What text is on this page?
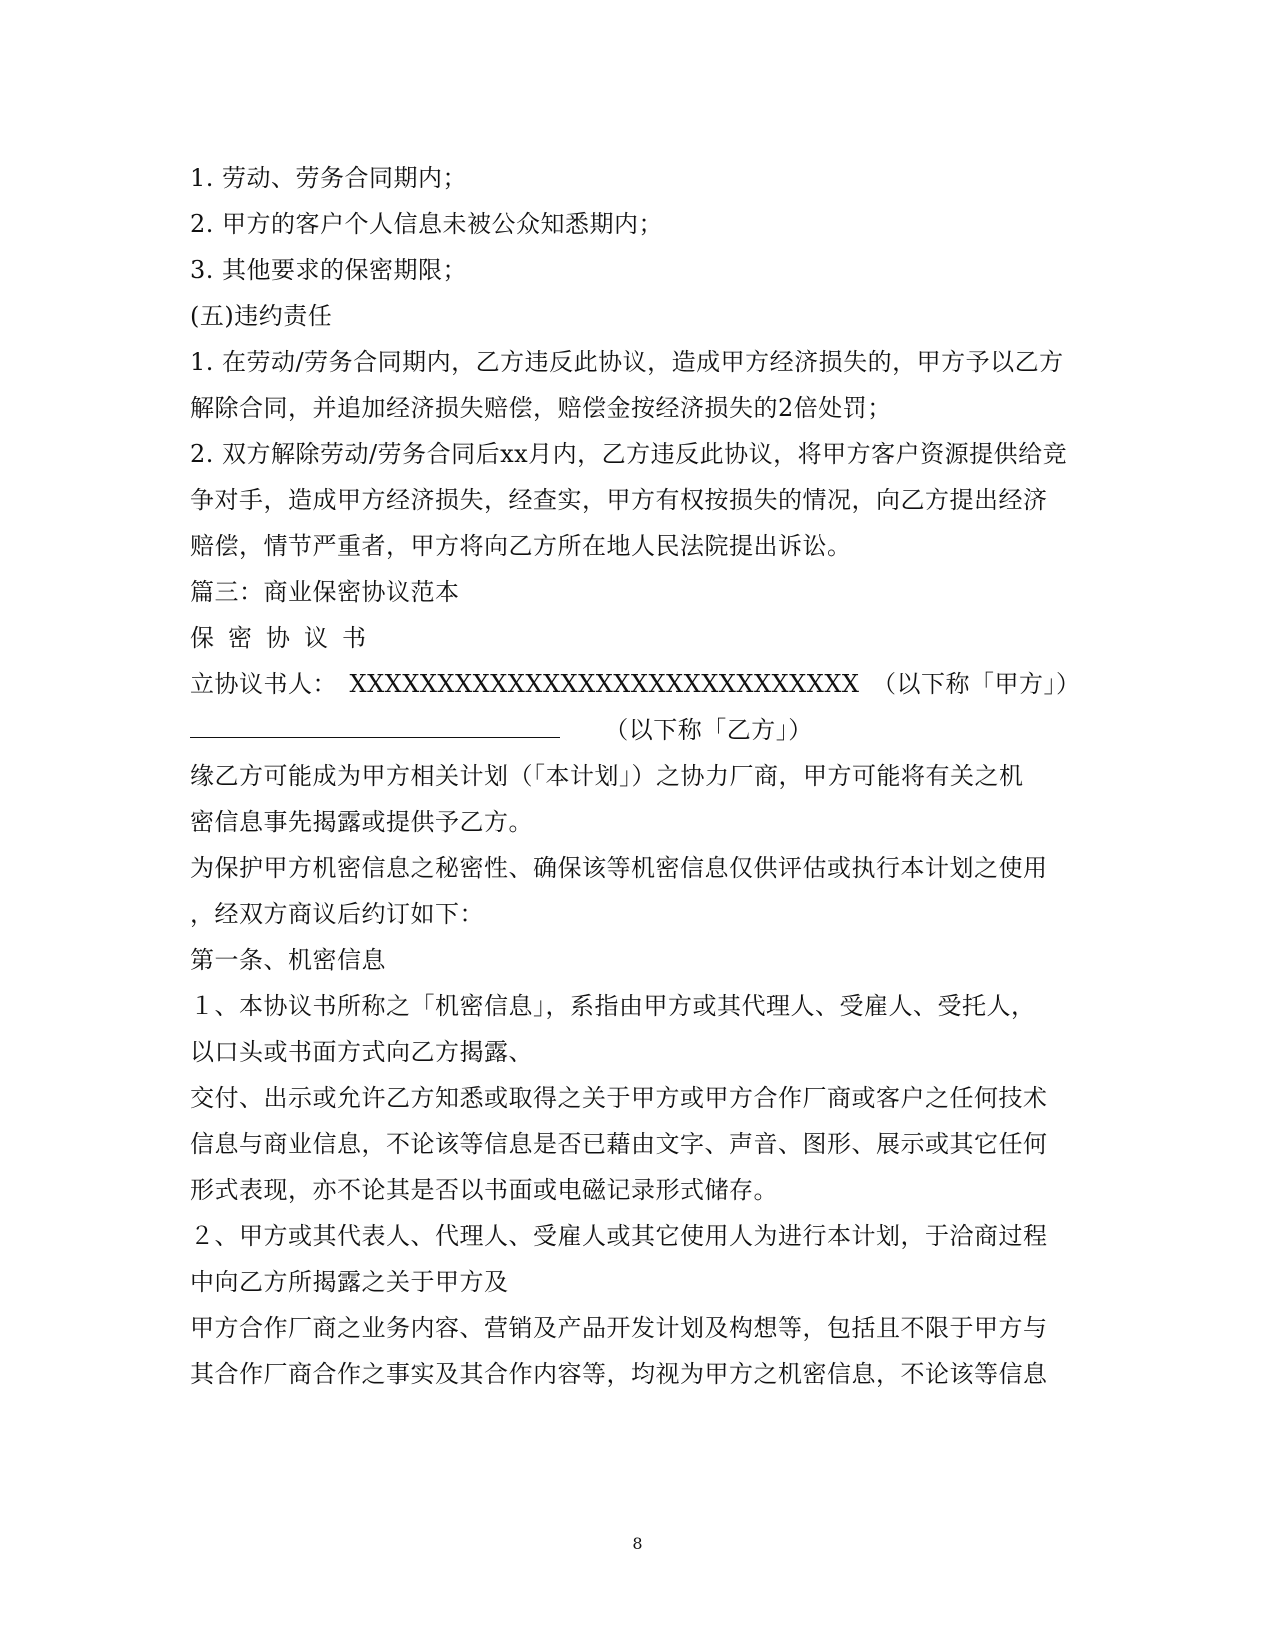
1. 劳动、劳务合同期内；
2. 甲方的客户个人信息未被公众知悉期内；
3. 其他要求的保密期限；
(五)违约责任
1. 在劳动/劳务合同期内，乙方违反此协议，造成甲方经济损失的，甲方予以乙方
解除合同，并追加经济损失赔偿，赔偿金按经济损失的2倍处罚；
2. 双方解除劳动/劳务合同后xx月内，乙方违反此协议，将甲方客户资源提供给竞
争对手，造成甲方经济损失，经查实，甲方有权按损失的情况，向乙方提出经济
赔偿，情节严重者，甲方将向乙方所在地人民法院提出诉讼。
篇三：商业保密协议范本
保密协议书
立协议书人：　XXXXXXXXXXXXXXXXXXXXXXXXXXXXX　（以下称「甲方」）
（以下称「乙方」）
缘乙方可能成为甲方相关计划（「本计划」）之协力厂商，甲方可能将有关之机
密信息事先揭露或提供予乙方。
为保护甲方机密信息之秘密性、确保该等机密信息仅供评估或执行本计划之使用
，经双方商议后约订如下：
第一条、机密信息
１、本协议书所称之「机密信息」，系指由甲方或其代理人、受雇人、受托人，
以口头或书面方式向乙方揭露、
交付、出示或允许乙方知悉或取得之关于甲方或甲方合作厂商或客户之任何技术
信息与商业信息，不论该等信息是否已藉由文字、声音、图形、展示或其它任何
形式表现，亦不论其是否以书面或电磁记录形式储存。
２、甲方或其代表人、代理人、受雇人或其它使用人为进行本计划，于洽商过程
中向乙方所揭露之关于甲方及
甲方合作厂商之业务内容、营销及产品开发计划及构想等，包括且不限于甲方与
其合作厂商合作之事实及其合作内容等，均视为甲方之机密信息，不论该等信息
8
